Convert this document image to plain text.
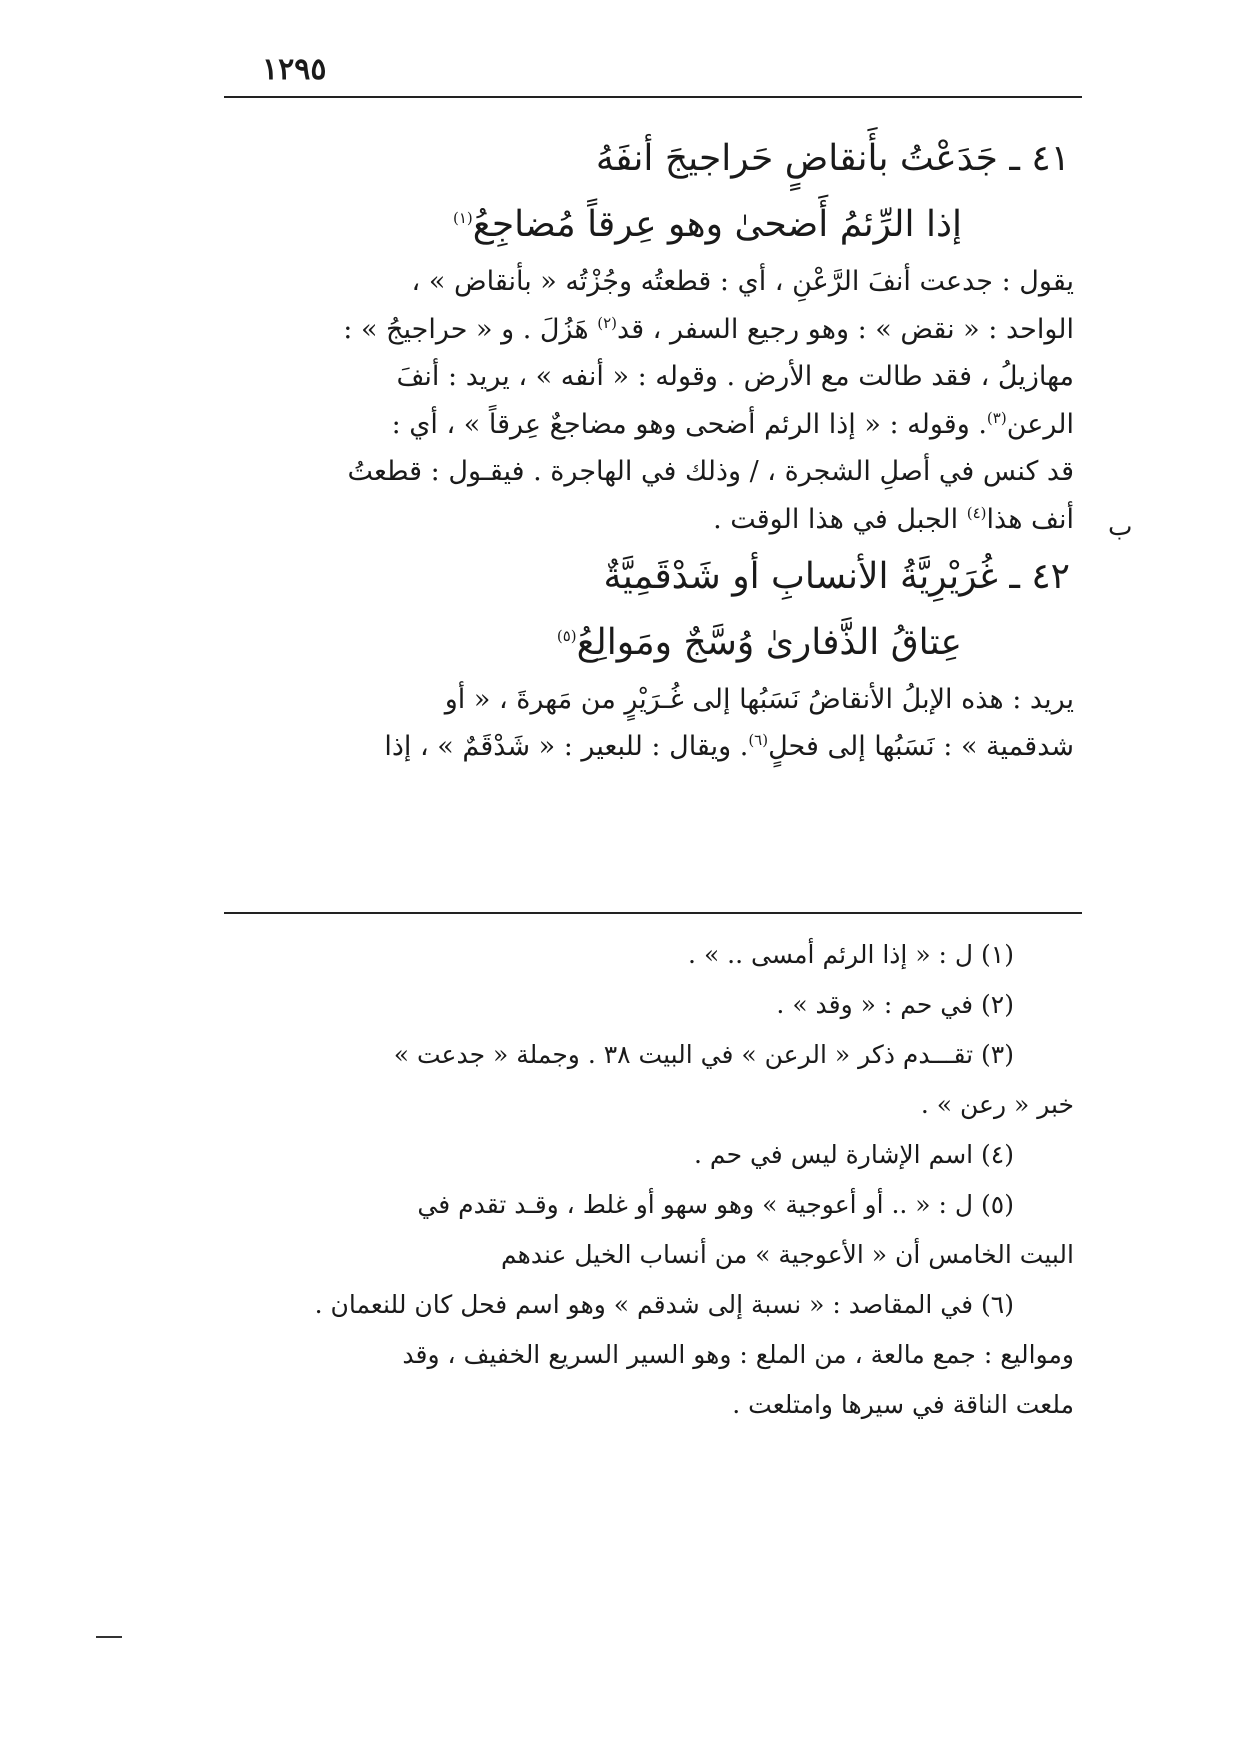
١٢٩٥
ب
٤١ ـ جَدَعْتُ بأَنقاضٍ حَراجيجَ أنفَهُ
إذا الرِّئمُ أَضحىٰ وهو عِرقاً مُضاجِعُ$^{(١)}$
يقول : جدعت أنفَ الرَّعْنِ ، أي : قطعتُه وجُزْتُه « بأنقاض » ،
الواحد : « نقض » : وهو رجيع السفر ، قد$^{(٢)}$ هَزُلَ . و « حراجيجُ » :
مهازيلُ ، فقد طالت مع الأرض . وقوله : « أنفه » ، يريد : أنفَ
الرعن$^{(٣)}$. وقوله : « إذا الرئم أضحى وهو مضاجعٌ عِرقاً » ، أي :
قد كنس في أصلِ الشجرة ، / وذلك في الهاجرة . فيقـول : قطعتُ
أنف هذا$^{(٤)}$ الجبل في هذا الوقت .
٤٢ ـ غُرَيْرِيَّةُ الأنسابِ أو شَدْقَمِيَّةٌ
عِتاقُ الذَّفارىٰ وُسَّجٌ ومَوالِعُ$^{(٥)}$
يريد : هذه الإبلُ الأنقاضُ نَسَبُها إلى غُـرَيْرٍ من مَهرةَ ، « أو
شدقمية » : نَسَبُها إلى فحلٍ$^{(٦)}$. ويقال : للبعير : « شَدْقَمٌ » ، إذا
(١) ل : « إذا الرئم أمسى .. » .
(٢) في حم : « وقد » .
(٣) تقـــدم ذكر « الرعن » في البيت ٣٨ . وجملة « جدعت »
خبر « رعن » .
(٤) اسم الإشارة ليس في حم .
(٥) ل : « .. أو أعوجية » وهو سهو أو غلط ، وقـد تقدم في
البيت الخامس أن « الأعوجية » من أنساب الخيل عندهم
(٦) في المقاصد : « نسبة إلى شدقم » وهو اسم فحل كان للنعمان .
ومواليع : جمع مالعة ، من الملع : وهو السير السريع الخفيف ، وقد
ملعت الناقة في سيرها وامتلعت .
